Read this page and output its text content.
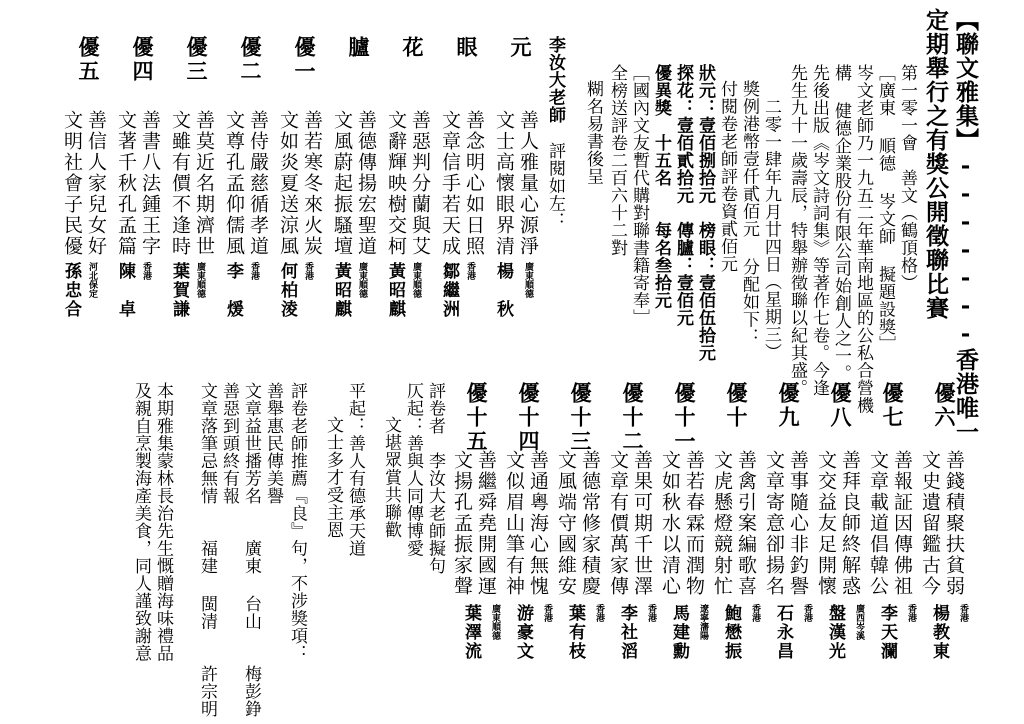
【聯文雅集】-------香港唯一
定期舉行之有獎公開徵聯比賽
第一零一會　善文（鶴頂格）
［廣東 順德 岑文師 擬題設獎］
岑文老師乃一九五二年華南地區的公私合營機
構 健德企業股份有限公司始創人之一。
先後出版《岑文詩詞集》等著作七卷。今逢
先生九十一歲壽辰，特舉辦徵聯以紀其盛。
二零一肆年九月廿四日（星期三）
獎例港幣壹仟貳佰元 分配如下：
付閱卷老師評卷資貳佰元
狀元：壹佰捌拾元　榜眼：壹佰伍拾元
探花：壹佰貳拾元　傳臚：壹佰元
優異獎　十五名　　每名叁拾元
［國內文友暫代購對聯書籍寄奉］
全榜送評卷二百六十二對
糊名易書後呈
李汝大老師
評閱如左：
元
善人雅量心源淨
文士高懷眼界清
廣東順德
楊　秋
眼
善念明心如日照
文章信手若天成
香港
鄒繼洲
花
善惡判分蘭與艾
文辭輝映樹交柯
廣東順德
黃昭麒
臚
善德傳揚宏聖道
文風蔚起振騷壇
廣東順德
黃昭麒
優一
善若寒冬來火炭
文如炎夏送涼風
香港
何柏淩
優二
善侍嚴慈循孝道
文尊孔孟仰儒風
香港
李　煖
優三
善莫近名期濟世
文雖有價不逢時
廣東順德
葉賀謙
優四
善書八法鍾王字
文著千秋孔孟篇
香港
陳　卓
優五
善信人家兒女好
文明社會子民優
河北保定
孫忠合
優六
善錢積聚扶貧弱
文史遺留鑑古今
香港
楊教東
優七
善報証因傳佛祖
文章載道倡韓公
香港
李天瀾
優八
善拜良師終解惑
文交益友足開懷
廣西岑溪
盤漢光
優九
善事隨心非釣譽
文章寄意卻揚名
香港
石永昌
優十
善禽引案編歌喜
文虎懸燈競射忙
香港
鮑懋振
優十一
善若春霖而潤物
文如秋水以清心
遼寧瀋陽
馬建勳
優十二
善果可期千世澤
文章有價萬家傳
香港
李社滔
優十三
善德常修家積慶
文風端守國維安
香港
葉有枝
優十四
善通粵海心無愧
文似眉山筆有神
香港
游豪文
優十五
善繼舜堯開國運
文揚孔孟振家聲
廣東順德
葉澤流
評卷者　李汝大老師擬句
仄起：善與人同傳博愛
文堪眾賞共聯歡
平起：善人有德承天道
文士多才受主恩
評卷老師推薦『良』句，不涉獎項：
善舉惠民傳美譽
文章益世播芳名　　廣東 台山　　梅彭錚
善惡到頭終有報
文章落筆忌無情　　福建 閩清　　許宗明
本期雅集蒙林長治先生慨贈海味禮品
及親自烹製海產美食，同人謹致謝意
